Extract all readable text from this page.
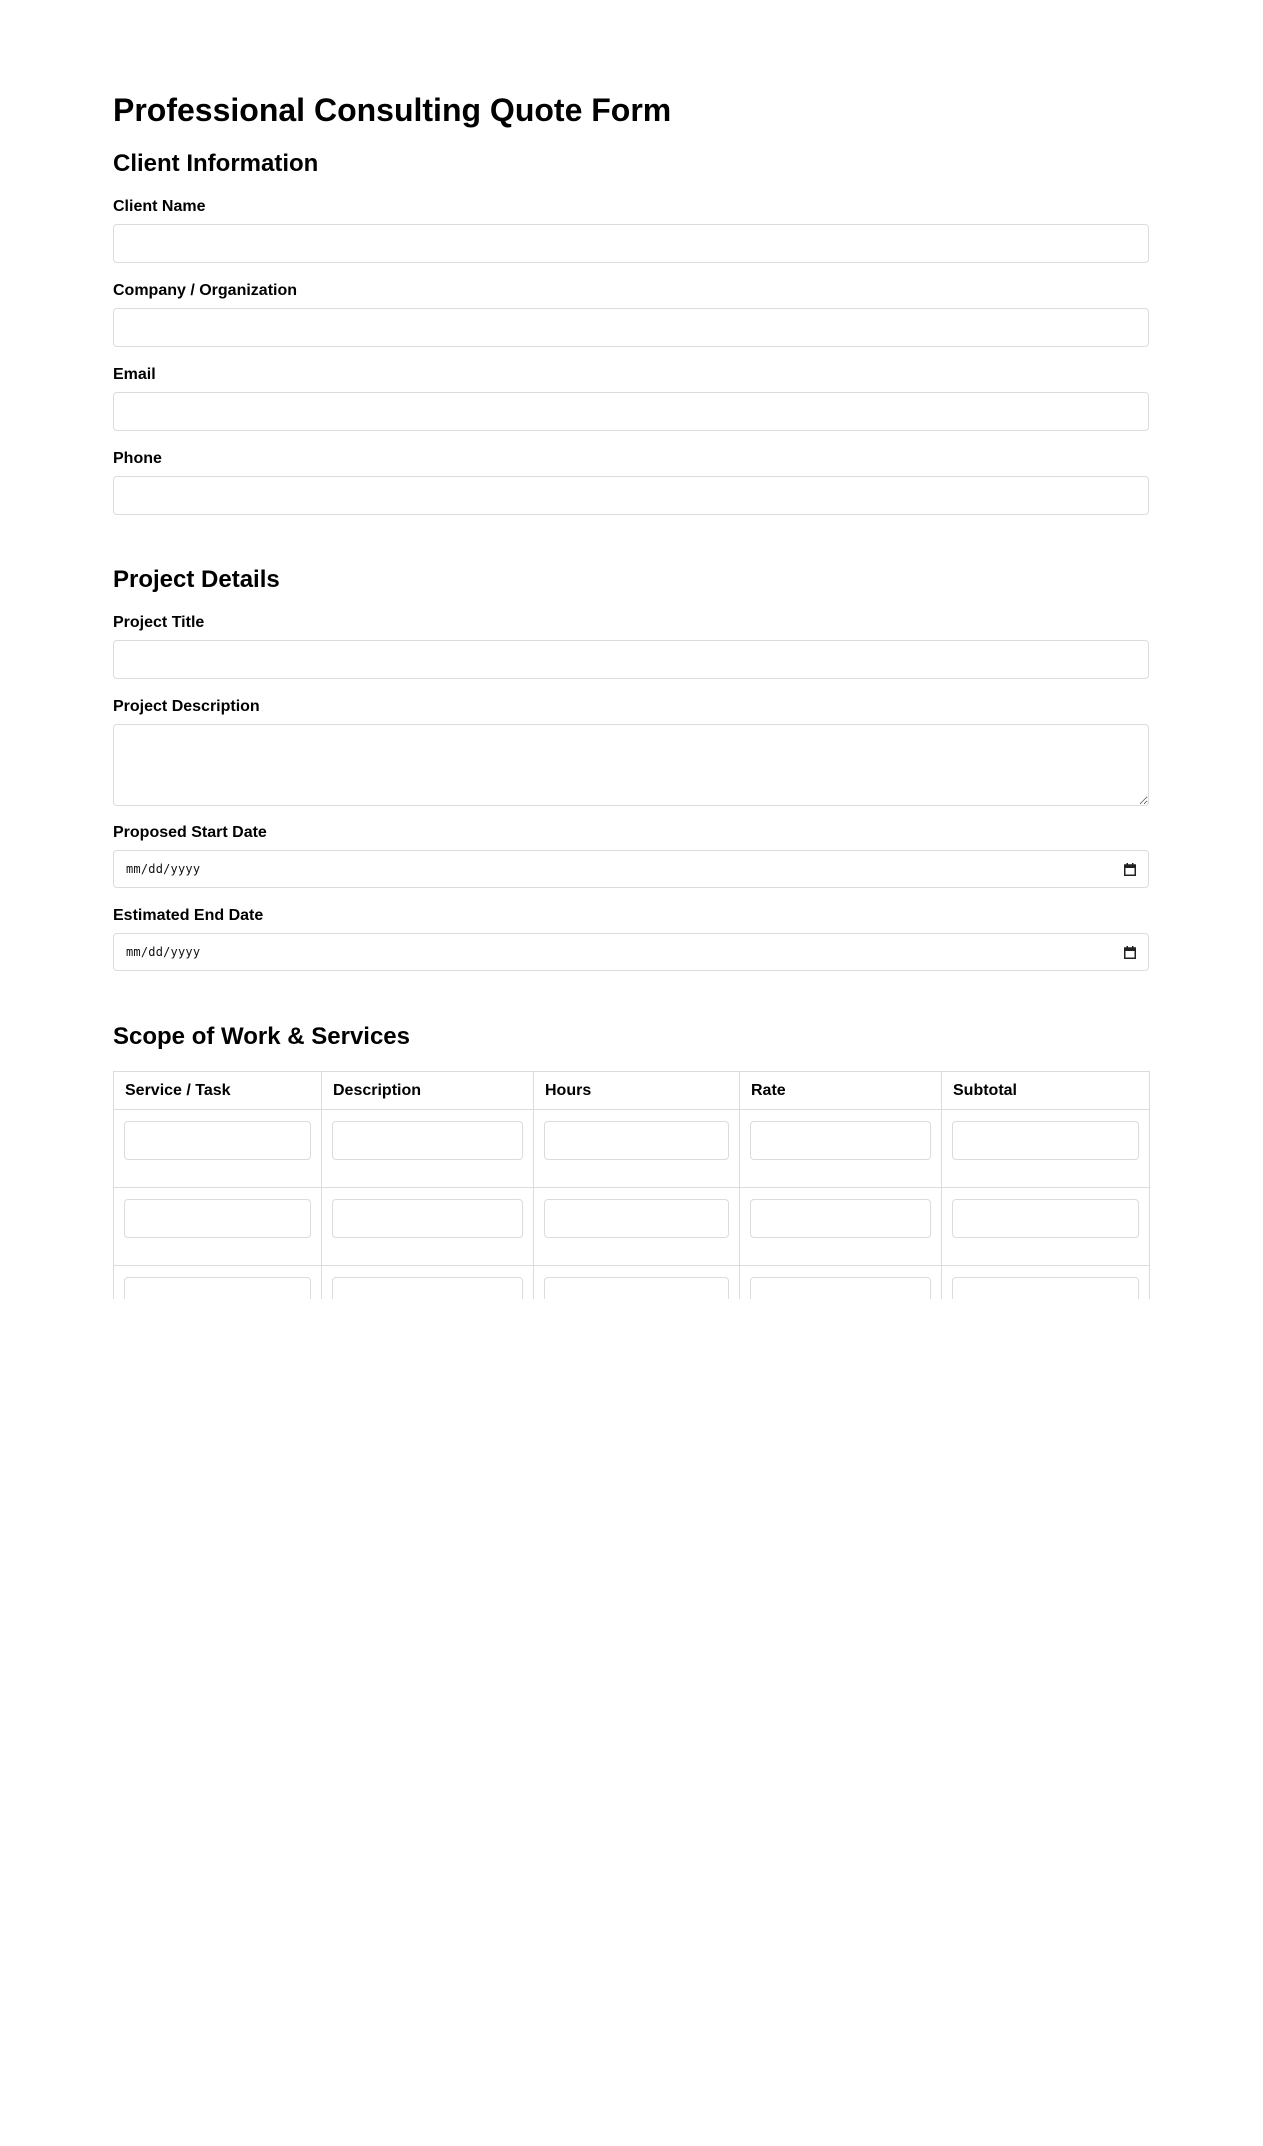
Professional Consulting Quote Form
Client Information
Client Name
Company / Organization
Email
Phone
Project Details
Project Title
Project Description
Proposed Start Date
mm/dd/yyyy
Estimated End Date
mm/dd/yyyy
Scope of Work & Services
Service / Task	Description	Hours	Rate	Subtotal
